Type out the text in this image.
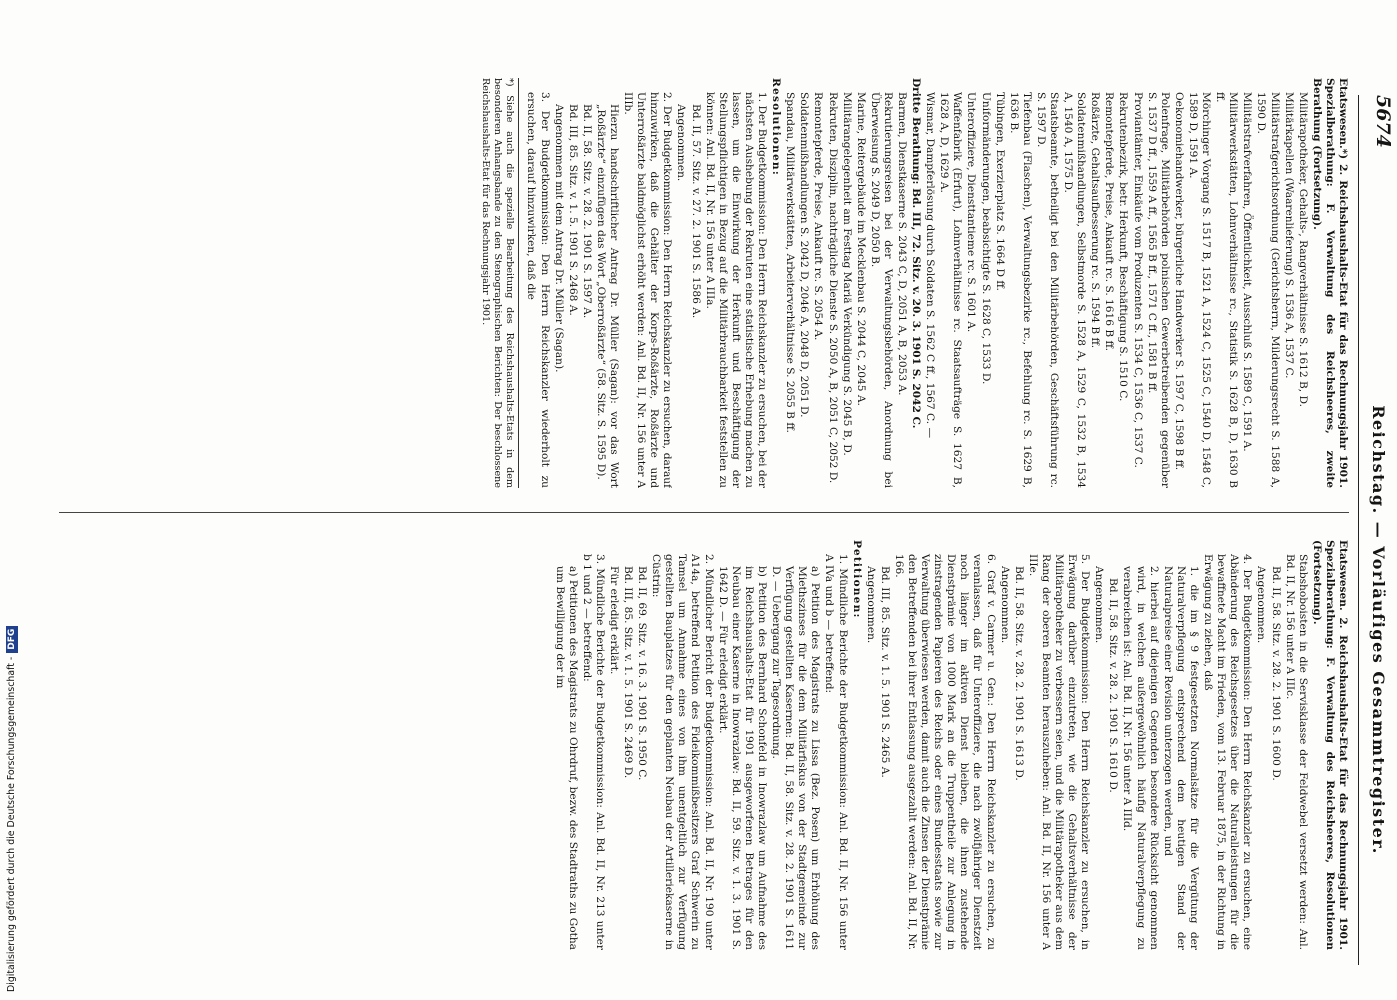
5674
Reichstag. — Vorläufiges Gesammtregister.

Etatswesen.*) 2. Reichshaushalts-Etat für das Rechnungsjahr 1901. Spezialberathung: F. Verwaltung des Reichsheeres, zweite Berathung (Fortsetzung).

Militärapotheker, Gehalts-, Rangverhältnisse S. 1612 B, D.

Militärkapellen (Waarenlieferung) S. 1536 A, 1537 C.

Militärstrafgerichtsordnung (Gerichtsherrn, Milderungsrecht S. 1588 A, 1590 D.

Militärstrafverfahren, Öffentlichkeit, Ausschluß S. 1589 C, 1591 A.

Militärwerkstätten, Lohnverhältnisse rc., Statistik S. 1628 B, D, 1630 B ff.

Mörchinger Vorgang S. 1517 B, 1521 A, 1524 C, 1525 C, 1540 D, 1548 C, 1589 D, 1591 A.

Oekonomiehandwerker, bürgerliche Handwerker S. 1597 C, 1598 B ff.

Polenfrage, Militärbehörden polnischen Gewerbetreibenden gegenüber S. 1537 D ff., 1559 A ff., 1565 B ff., 1571 C ff., 1581 B ff.

Proviantämter, Einkäufe vom Produzenten S. 1534 C, 1536 C, 1537 C.

Rekrutenbezirk, betr. Herkunft, Beschäftigung S. 1510 C.

Remontepferde, Preise, Ankauft rc. S. 1616 B ff.

Roßärzte, Gehaltsaufbesserung rc. S. 1594 B ff.

Soldatenmißhandlungen, Selbstmorde S. 1528 A, 1529 C, 1532 B, 1534 A, 1540 A, 1575 D.

Staatsbeamte, betheiligt bei den Militärbehörden, Geschäftsführung rc. S. 1597 D.

Tiefenbau (Flaschen), Verwaltungsbezirke rc., Befehlung rc. S. 1629 B, 1636 B.

Tübingen, Exerzierplatz S. 1664 D ff.

Uniformänderungen, beabsichtigte S. 1628 C, 1533 D.

Unteroffiziere, Diensttantieme rc. S. 1601 A.

Waffenfabrik (Erfurt), Lohnverhältnisse rc. Staatsaufträge S. 1627 B, 1628 A, D, 1629 A.

Wismar, Dampferlösung durch Soldaten S. 1562 C ff., 1567 C. —

Dritte Berathung: Bd. III, 72. Sitz. v. 20. 3. 1901 S. 2042 C.

Barmen, Dienstkaserne S. 2043 C, D, 2051 A, B, 2053 A.

Rekrutierungsreisen bei der Verwaltungsbehörden, Anordnung bei Überweisung S. 2049 D, 2050 B.

Marine, Reitergebäude im Mecklenbau S. 2044 C, 2045 A.

Militärangelegenheit am Festtag Mariä Verkündigung S. 2045 B, D.

Rekruten, Disziplin, nachträgliche Dienste S. 2050 A, B, 2051 C, 2052 D.

Remontepferde, Preise, Ankauft rc. S. 2054 A.

Soldatenmißhandlungen S. 2042 D, 2046 A, 2048 D, 2051 D.

Spandau, Militärwerkstätten, Arbeiterverhältnisse S. 2055 B ff.

Resolutionen:

1. Der Budgetkommission: Den Herrn Reichskanzler zu ersuchen, bei der nächsten Aushebung der Rekruten eine statistische Erhebung machen zu lassen, um die Einwirkung der Herkunft und Beschäftigung der Stellungspflichtigen in Bezug auf die Militärbrauchbarkeit feststellen zu können: Anl. Bd. II, Nr. 156 unter A IIIa.

Bd. II, 57. Sitz. v. 27. 2. 1901 S. 1586 A.

Angenommen.

2. Der Budgetkommission: Den Herrn Reichskanzler zu ersuchen, darauf hinzuwirken, daß die Gehälter der Korps-Roßärzte, Roßärzte und Unterroßärzte baldmöglichst erhöht werden: Anl. Bd. II, Nr. 156 unter A IIIb.

Hierzu handschriftlicher Antrag Dr. Müller (Sagan): vor das Wort „Roßärzte“ einzufügen das Wort „Oberroßärzte“ (58. Sitz. S. 1595 D).

Bd. II, 58. Sitz. v. 28. 2. 1901 S. 1597 A.

Bd. III, 85. Sitz. v. 1. 5. 1901 S. 2468 A.

Angenommen mit dem Antrag Dr. Müller (Sagan).

3. Der Budgetkommission: Den Herrn Reichskanzler wiederholt zu ersuchen, darauf hinzuwirken, daß die

*) Siehe auch die spezielle Bearbeitung des Reichshaushalts-Etats in dem besonderen Anhangsbande zu den Stenographischen Berichten: Der beschlossene Reichshaushalts-Etat für das Rechnungsjahr 1901.

Etatswesen. 2. Reichshaushalts-Etat für das Rechnungsjahr 1901. Spezialberathung: F. Verwaltung des Reichsheeres, Resolutionen (Fortsetzung).

Stabshoboisten in die Servisklasse der Feldwebel versetzt werden: Anl. Bd. II, Nr. 156 unter A IIIc.

Bd. II, 58. Sitz. v. 28. 2. 1901 S. 1600 D.

Angenommen.

4. Der Budgetkommission: Den Herrn Reichskanzler zu ersuchen, eine Abänderung des Reichsgesetzes über die Naturalleistungen für die bewaffnete Macht im Frieden, vom 13. Februar 1875, in der Richtung in Erwägung zu ziehen, daß

1. die im § 9 festgesetzten Normalsätze für die Vergütung der Naturalverpflegung entsprechend dem heutigen Stand der Naturalpreise einer Revision unterzogen werden, und

2. hierbei auf diejenigen Gegenden besondere Rücksicht genommen wird, in welchen außergewöhnlich häufig Naturalverpflegung zu verabreichen ist: Anl. Bd. II, Nr. 156 unter A IIId.

Bd. II, 58. Sitz. v. 28. 2. 1901 S. 1610 D.

Angenommen.

5. Der Budgetkommission: Den Herrn Reichskanzler zu ersuchen, in Erwägung darüber einzutreten, wie die Gehaltsverhältnisse der Militärapotheker zu verbessern seien, und die Militärapotheker aus dem Rang der oberen Beamten herauszuheben: Anl. Bd. II, Nr. 156 unter A IIIe.

Bd. II, 58. Sitz. v. 28. 2. 1901 S. 1613 D.

Angenommen.

6. Graf v. Carmer u. Gen.: Den Herrn Reichskanzler zu ersuchen, zu veranlassen, daß für Unteroffiziere, die nach zwölfjähriger Dienstzeit noch länger im aktiven Dienst bleiben, die ihnen zustehende Dienstprämie von 1000 Mark an die Truppentheile zur Anlegung in zinstragenden Papieren des Reichs oder eines Bundesstaats sowie zur Verwaltung überwiesen werden, damit auch die Zinsen der Dienstprämie den Betreffenden bei ihrer Entlassung ausgezahlt werden: Anl. Bd. II, Nr. 166.

Bd. III, 85. Sitz. v. 1. 5. 1901 S. 2465 A.

Angenommen.

Petitionen:

1. Mündliche Berichte der Budgetkommission: Anl. Bd. II, Nr. 156 unter A IVa und b — betreffend:

a) Petition des Magistrats zu Lissa (Bez. Posen) um Erhöhung des Miethszinses für die dem Militärfiskus von der Stadtgemeinde zur Verfügung gestellten Kasernen: Bd. II, 58. Sitz. v. 28. 2. 1901 S. 1611 D. — Uebergang zur Tagesordnung.

b) Petition des Bernhard Schonfeld in Inowrazlaw um Aufnahme des im Reichshaushalts-Etat für 1901 ausgeworfenen Betrages für den Neubau einer Kaserne in Inowrazlaw: Bd. II, 59. Sitz. v. 1. 3. 1901 S. 1642 D. — Für erledigt erklärt.

2. Mündlicher Bericht der Budgetkommission: Anl. Bd. II, Nr. 190 unter A14a, betreffend Petition des Fideikommißbesitzers Graf Schwerin zu Tamsel um Annahme eines von ihm unentgeltlich zur Verfügung gestellten Bauplatzes für den geplanten Neubau der Artilleriekaserne in Cüstrin:

Bd. II, 69. Sitz. v. 16. 3. 1901 S. 1950 C.

Bd. III, 85. Sitz. v. 1. 5. 1901 S. 2469 D.

Für erledigt erklärt.

3. Mündliche Berichte der Budgetkommission: Anl. Bd. II, Nr. 213 unter b 1 und 2 — betreffend:

a) Petitionen des Magistrats zu Ohrdruf, bezw. des Stadtraths zu Gotha um Bewilligung der im

Digitalisierung gefördert durch die Deutsche Forschungsgemeinschaft -DFG
